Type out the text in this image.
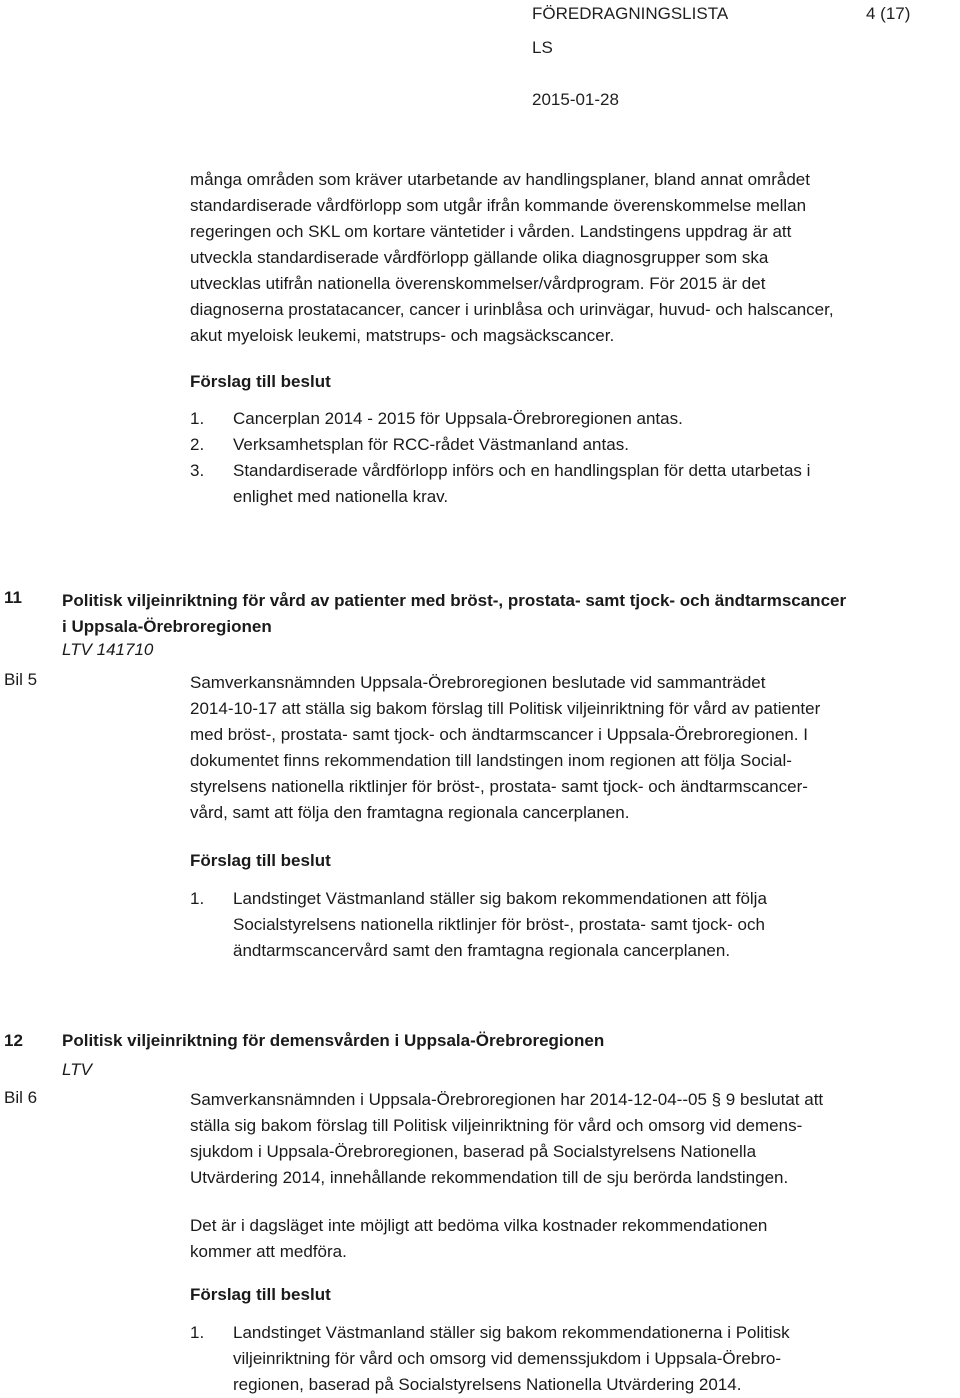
FÖREDRAGNINGSLISTA	4 (17)
LS
2015-01-28
många områden som kräver utarbetande av handlingsplaner, bland annat området
standardiserade vårdförlopp som utgår ifrån kommande överenskommelse mellan
regeringen och SKL om kortare väntetider i vården. Landstingens uppdrag är att
utveckla standardiserade vårdförlopp gällande olika diagnosgrupper som ska
utvecklas utifrån nationella överenskommelser/vårdprogram. För 2015 är det
diagnoserna prostatacancer, cancer i urinblåsa och urinvägar, huvud- och halscancer,
akut myeloisk leukemi, matstrups- och magsäckscancer.
Förslag till beslut
1.	Cancerplan 2014 - 2015 för Uppsala-Örebroregionen antas.
2.	Verksamhetsplan för RCC-rådet Västmanland antas.
3.	Standardiserade vårdförlopp införs och en handlingsplan för detta utarbetas i
enlighet med nationella krav.
11 Politisk viljeinriktning för vård av patienter med bröst-, prostata- samt tjock- och ändtarmscancer
i Uppsala-Örebroregionen
LTV 141710
Bil 5	Samverkansnämnden Uppsala-Örebroregionen beslutade vid sammanträdet
2014-10-17 att ställa sig bakom förslag till Politisk viljeinriktning för vård av patienter
med bröst-, prostata- samt tjock- och ändtarmscancer i Uppsala-Örebroregionen. I
dokumentet finns rekommendation till landstingen inom regionen att följa Social-
styrelsens nationella riktlinjer för bröst-, prostata- samt tjock- och ändtarmscancer-
vård, samt att följa den framtagna regionala cancerplanen.
Förslag till beslut
1.	Landstinget Västmanland ställer sig bakom rekommendationen att följa
Socialstyrelsens nationella riktlinjer för bröst-, prostata- samt tjock- och
ändtarmscancervård samt den framtagna regionala cancerplanen.
12 Politisk viljeinriktning för demensvården i Uppsala-Örebroregionen
LTV
Bil 6	Samverkansnämnden i Uppsala-Örebroregionen har 2014-12-04--05 § 9 beslutat att
ställa sig bakom förslag till Politisk viljeinriktning för vård och omsorg vid demens-
sjukdom i Uppsala-Örebroregionen, baserad på Socialstyrelsens Nationella
Utvärdering 2014, innehållande rekommendation till de sju berörda landstingen.
Det är i dagsläget inte möjligt att bedöma vilka kostnader rekommendationen
kommer att medföra.
Förslag till beslut
1.	Landstinget Västmanland ställer sig bakom rekommendationerna i Politisk
viljeinriktning för vård och omsorg vid demenssjukdom i Uppsala-Örebro-
regionen, baserad på Socialstyrelsens Nationella Utvärdering 2014.
